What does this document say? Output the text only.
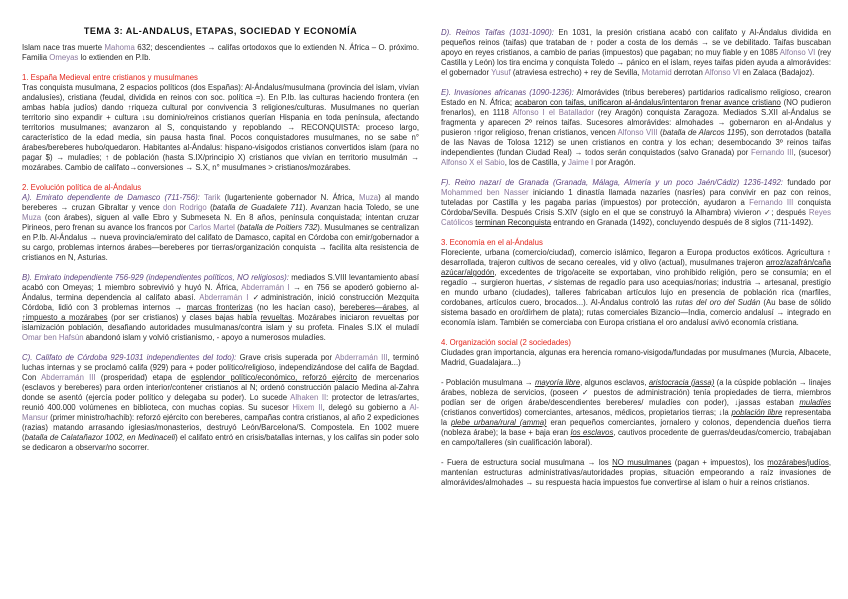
TEMA 3: AL-ANDALUS, ETAPAS, SOCIEDAD Y ECONOMÍA

Islam nace tras muerte Mahoma 632; descendientes → califas ortodoxos que lo extienden N. África – O. próximo. Familia Omeyas lo extienden en P.Ib.

1. España Medieval entre cristianos y musulmanes

Tras conquista musulmana, 2 espacios políticos (dos Españas): Al-Ándalus/musulmana (provincia del islam, vivían andalusíes), cristiana (feudal, dividida en reinos con soc. política =). En P.Ib. las culturas haciendo frontera (en ambas había judíos) dando ↑riqueza cultural por convivencia 3 religiones/culturas. Musulmanes no querían territorio sino expandir + cultura ↓su dominio/reinos cristianos querían Hispania en toda península, afectando territorios musulmanes; avanzaron al S, conquistando y repoblando → RECONQUISTA: proceso largo, característico de la edad media, sin pausa hasta final. Pocos conquistadores musulmanes, no se sabe n° árabes/bereberes hubo/quedaron. Habitantes al-Ándalus: hispano-visigodos cristianos convertidos islam (para no pagar $) → muladíes; ↑ de población (hasta S.IX/principio X) cristianos que vivían en territorio musulmán → mozárabes. Cambio de califato→conversiones → S.X, n° musulmanes > cristianos/mozárabes.

2. Evolución política de al-Ándalus

A). Emirato dependiente de Damasco (711-756): Tarik (lugarteniente gobernador N. África, Muza) al mando bereberes → cruzan Gibraltar y vence don Rodrigo (batalla de Guadalete 711). Avanzan hacia Toledo, se une Muza (con árabes), siguen al valle Ebro y Submeseta N. En 8 años, península conquistada; intentan cruzar Pirineos, pero frenan su avance los francos por Carlos Martel (batalla de Poitiers 732). Musulmanes se centralizan en P.Ib. Al-Ándalus → nueva provincia/emirato del califato de Damasco, capital en Córdoba con emir/gobernador a su cargo, problemas internos árabes—bereberes por tierras/organización conquista → facilita alta resistencia de cristianos en N, Asturias.

B). Emirato independiente 756-929 (independientes políticos, NO religiosos): mediados S.VIII levantamiento abasí acabó con Omeyas; 1 miembro sobrevivió y huyó N. África, Abderramán I → en 756 se apoderó gobierno al-Ándalus, termina dependencia al califato abasí. Abderramán I ✓administración, inició construcción Mezquita Córdoba, lidió con 3 problemas internos → marcas fronterizas (no les hacían caso), bereberes—árabes, al ↑impuesto a mozárabes (por ser cristianos) y clases bajas había revueltas. Mozárabes iniciaron revueltas por islamización población, desafiando autoridades musulmanas/contra islam y su profeta. Finales S.IX el muladí Omar ben Hafsún abandonó islam y volvió cristianismo, - apoyo a numerosos muladíes.

C). Califato de Córdoba 929-1031 independientes del todo): Grave crisis superada por Abderramán III, terminó luchas internas y se proclamó califa (929) para + poder político/religioso, independizándose del califa de Bagdad. Con Abderramán III (prosperidad) etapa de esplendor político/económico, reforzó ejército de mercenarios (esclavos y bereberes) para orden interior/contener cristianos al N; ordenó construcción palacio Medina al-Zahra donde se asentó (ejercía poder político y delegaba su poder). Lo sucede Alhaken II: protector de letras/artes, reunió 400.000 volúmenes en biblioteca, con muchas copias. Su sucesor Hixem II, delegó su gobierno a Al-Mansur (primer ministro/hachib): reforzó ejército con bereberes, campañas contra cristianos, al año 2 expediciones (razias) matando arrasando iglesias/monasterios, destruyó León/Barcelona/S. Compostela. En 1002 muere (batalla de Calatañazor 1002, en Medinaceli) el califato entró en crisis/batallas internas, y los califas sin poder solo se dedicaron a observar/no socorrer.

D). Reinos Taifas (1031-1090): En 1031, la presión cristiana acabó con califato y Al-Ándalus dividida en pequeños reinos (taifas) que trataban de ↑ poder a costa de los demás → se ve debilitado. Taifas buscaban apoyo en reyes cristianos, a cambio de parias (impuestos) que pagaban; no muy fiable y en 1085 Alfonso VI (rey Castilla y León) los tira encima y conquista Toledo → pánico en el islam, reyes taifas piden ayuda a almorávides: el gobernador Yusuf (atraviesa estrecho) + rey de Sevilla, Motamid derrotan Alfonso VI en Zalaca (Badajoz).

E). Invasiones africanas (1090-1236): Almorávides (tribus bereberes) partidarios radicalismo religioso, crearon Estado en N. África; acabaron con taifas, unificaron al-ándalus/intentaron frenar avance cristiano (NO pudieron frenarlos), en 1118 Alfonso I el Batallador (rey Aragón) conquista Zaragoza. Mediados S.XII al-Ándalus se fragmenta y aparecen 2º reinos taifas. Sucesores almorávides: almohades → gobernaron en al-Ándalus y pusieron ↑rigor religioso, frenan cristianos, vencen Alfonso VIII (batalla de Alarcos 1195), son derrotados (batalla de las Navas de Tolosa 1212) se unen cristianos en contra y los echan; desembocando 3º reinos taifas independientes (fundan Ciudad Real) → todos serán conquistados (salvo Granada) por Fernando III, (sucesor) Alfonso X el Sabio, los de Castilla, y Jaime I por Aragón.

F). Reino nazarí de Granada (Granada, Málaga, Almería y un poco Jaén/Cádiz) 1236-1492: fundado por Mohammed ben Nasser iniciando 1 dinastía llamada nazaríes (nasríes) para convivir en paz con reinos, tuteladas por Castilla y les pagaba parias (impuestos) por protección, ayudaron a Fernando III conquista Córdoba/Sevilla. Después Crisis S.XIV (siglo en el que se construyó la Alhambra) vivieron ✓; después Reyes Católicos terminan Reconquista entrando en Granada (1492), concluyendo después de 8 siglos (711-1492).

3. Economía en el al-Ándalus

Floreciente, urbana (comercio/ciudad), comercio islámico, llegaron a Europa productos exóticos. Agricultura ↑ desarrollada, trajeron cultivos de secano cereales, vid y olivo (actual), musulmanes trajeron arroz/azafrán/caña azúcar/algodón, excedentes de trigo/aceite se exportaban, vino prohibido religión, pero se consumía; en el regadío → surgieron huertas, ✓sistemas de regadío para uso acequias/norias; industria → artesanal, prestigio en mundo urbano (ciudades), talleres fabricaban artículos lujo en presencia de población rica (marfiles, cordobanes, artículos cuero, brocados...). Al-Ándalus controló las rutas del oro del Sudán (Au base de sólido sistema basado en oro/dírhem de plata); rutas comerciales Bizancio—India, comercio andalusí → integrado en economía islam. También se comerciaba con Europa cristiana el oro andalusí avivó economía cristiana.

4. Organización social (2 sociedades)

Ciudades gran importancia, algunas era herencia romano-visigoda/fundadas por musulmanes (Murcia, Albacete, Madrid, Guadalajara...)

- Población musulmana → mayoría libre, algunos esclavos, aristocracia (jassa) (a la cúspide población → linajes árabes, nobleza de servicios, (poseen ✓ puestos de administración) tenía propiedades de tierra, miembros podían ser de origen árabe/descendientes bereberes/ muladíes con poder), ↓jassas estaban muladíes (cristianos convertidos) comerciantes, artesanos, médicos, propietarios tierras; ↓la población libre representaba la plebe urbana/rural (amma) eran pequeños comerciantes, jornalero y colonos, dependencia dueños tierra (nobleza árabe); la base + baja eran los esclavos, cautivos procedente de guerras/deudas/comercio, trabajaban en campo/talleres (sin cualificación laboral).

- Fuera de estructura social musulmana → los NO musulmanes (pagan + impuestos), los mozárabes/judíos, mantenían estructuras administrativas/autoridades propias, situación empeorando a raíz invasiones de almorávides/almohades → su respuesta hacia impuestos fue convertirse al islam o huir a reinos cristianos.
